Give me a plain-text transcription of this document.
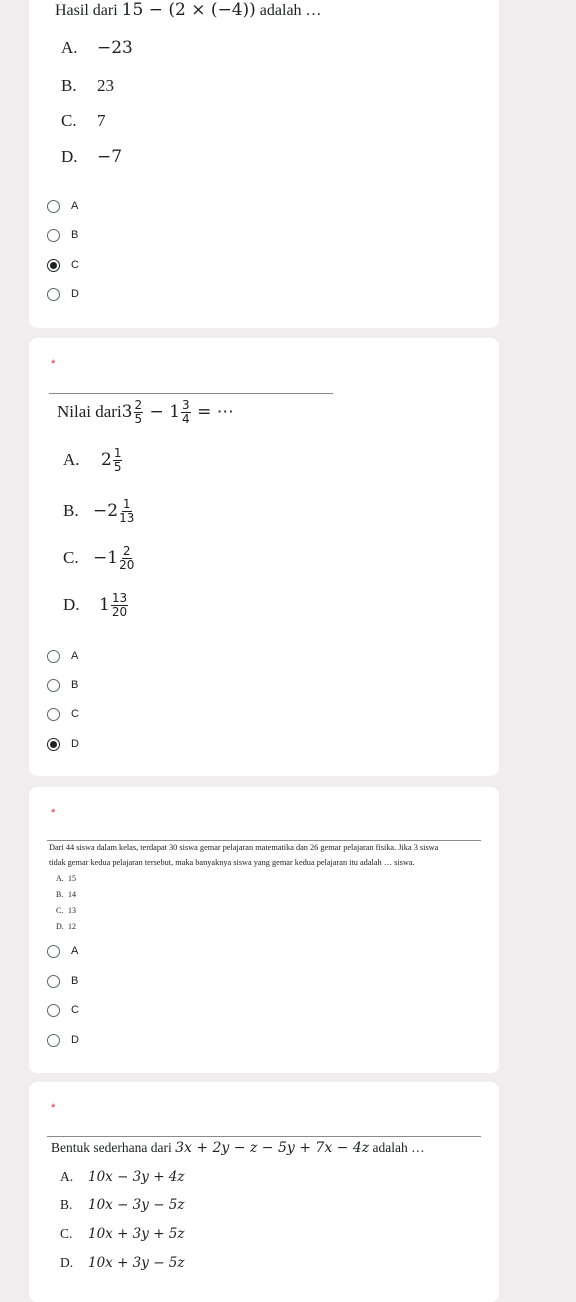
Hasil dari 15 − (2 × (−4)) adalah …
A. −23
B. 23
C. 7
D. −7
A
B
C
D
*
Nilai dari $3 \frac{2}{5} - 1 \frac{3}{4}$ = ⋯
A.	$2 \frac{1}{5}$
B. $-2 \frac{1}{13}$
C. $-1 \frac{2}{20}$
D.	$1 \frac{13}{20}$
A
B
C
D
*
Dari 44 siswa dalam kelas, terdapat 30 siswa gemar pelajaran matematika dan 26 gemar pelajaran fisika. Jika 3 siswa
tidak gemar kedua pelajaran tersebut, maka banyaknya siswa yang gemar kedua pelajaran itu adalah … siswa.
A. 15
B. 14
C. 13
D. 12
A
B
C
D
*
Bentuk sederhana dari 3x + 2y − z − 5y + 7x − 4z adalah …
A. 10x − 3y + 4z
B. 10x − 3y − 5z
C. 10x + 3y + 5z
D. 10x + 3y − 5z
